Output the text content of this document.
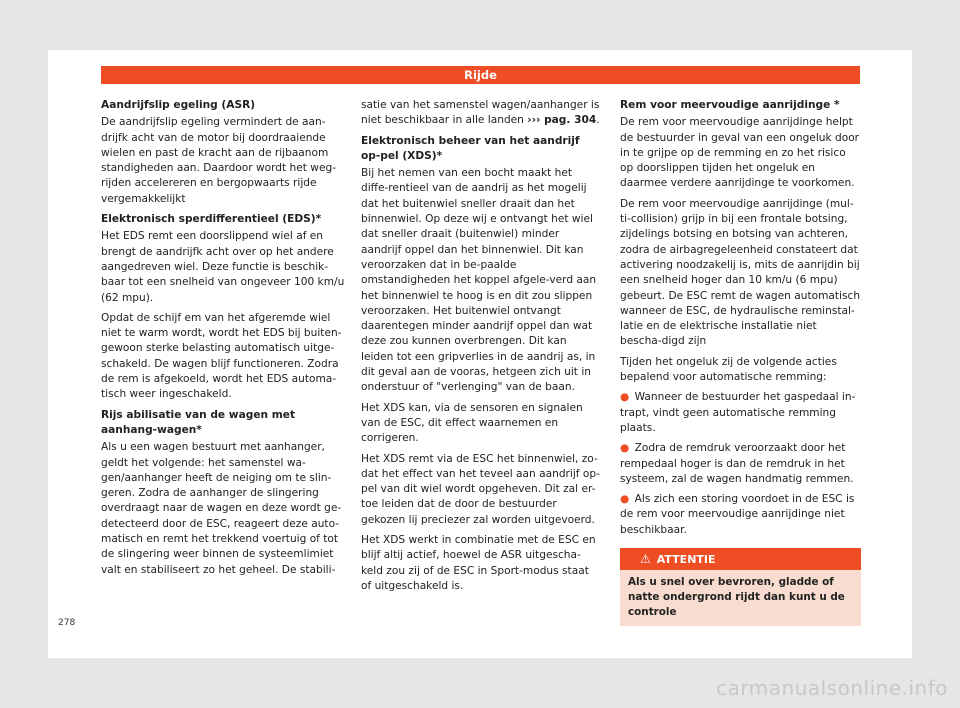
Rijde

Aandrijfslip egeling (ASR)

De aandrijfslip egeling vermindert de aan-drijfk acht van de motor bij doordraaiende wielen en past de kracht aan de rijbaanom standigheden aan. Daardoor wordt het weg-rijden accelereren en bergopwaarts rijde vergemakkelijkt

Elektronisch sperdifferentieel (EDS)*

Het EDS remt een doorslippend wiel af en brengt de aandrijfk acht over op het andere aangedreven wiel. Deze functie is beschik-baar tot een snelheid van ongeveer 100 km/u (62 mpu).

Opdat de schijf em van het afgeremde wiel niet te warm wordt, wordt het EDS bij buiten-gewoon sterke belasting automatisch uitge-schakeld. De wagen blijf functioneren. Zodra de rem is afgekoeld, wordt het EDS automa-tisch weer ingeschakeld.

Rijs abilisatie van de wagen met aanhang-wagen*

Als u een wagen bestuurt met aanhanger, geldt het volgende: het samenstel wa-gen/aanhanger heeft de neiging om te slin-geren. Zodra de aanhanger de slingering overdraagt naar de wagen en deze wordt ge-detecteerd door de ESC, reageert deze auto-matisch en remt het trekkend voertuig of tot de slingering weer binnen de systeemlimiet valt en stabiliseert zo het geheel. De stabili-

satie van het samenstel wagen/aanhanger is niet beschikbaar in alle landen ››› pag. 304.

Elektronisch beheer van het aandrijf op-pel (XDS)*

Bij het nemen van een bocht maakt het diffe-rentieel van de aandrij as het mogelij dat het buitenwiel sneller draait dan het binnenwiel. Op deze wij e ontvangt het wiel dat sneller draait (buitenwiel) minder aandrijf oppel dan het binnenwiel. Dit kan veroorzaken dat in be-paalde omstandigheden het koppel afgele-verd aan het binnenwiel te hoog is en dit zou slippen veroorzaken. Het buitenwiel ontvangt daarentegen minder aandrijf oppel dan wat deze zou kunnen overbrengen. Dit kan leiden tot een gripverlies in de aandrij as, in dit geval aan de vooras, hetgeen zich uit in onderstuur of "verlenging" van de baan.

Het XDS kan, via de sensoren en signalen van de ESC, dit effect waarnemen en corrigeren.

Het XDS remt via de ESC het binnenwiel, zo-dat het effect van het teveel aan aandrijf op-pel van dit wiel wordt opgeheven. Dit zal er-toe leiden dat de door de bestuurder gekozen lij preciezer zal worden uitgevoerd.

Het XDS werkt in combinatie met de ESC en blijf altij actief, hoewel de ASR uitgescha-keld zou zij of de ESC in Sport-modus staat of uitgeschakeld is.

Rem voor meervoudige aanrijdinge *

De rem voor meervoudige aanrijdinge helpt de bestuurder in geval van een ongeluk door in te grijpe op de remming en zo het risico op doorslippen tijden het ongeluk en daarmee verdere aanrijdinge te voorkomen.

De rem voor meervoudige aanrijdinge (mul-ti-collision) grijp in bij een frontale botsing, zijdelings botsing en botsing van achteren, zodra de airbagregeleenheid constateert dat activering noodzakelij is, mits de aanrijdin bij een snelheid hoger dan 10 km/u (6 mpu) gebeurt. De ESC remt de wagen automatisch wanneer de ESC, de hydraulische reminstal-latie en de elektrische installatie niet bescha-digd zijn

Tijden het ongeluk zij de volgende acties bepalend voor automatische remming:

● Wanneer de bestuurder het gaspedaal in-trapt, vindt geen automatische remming plaats.

● Zodra de remdruk veroorzaakt door het rempedaal hoger is dan de remdruk in het systeem, zal de wagen handmatig remmen.

● Als zich een storing voordoet in de ESC is de rem voor meervoudige aanrijdinge niet beschikbaar.

⚠ ATTENTIE
Als u snel over bevroren, gladde of natte ondergrond rijdt dan kunt u de controle
278
carmanualsonline.info
